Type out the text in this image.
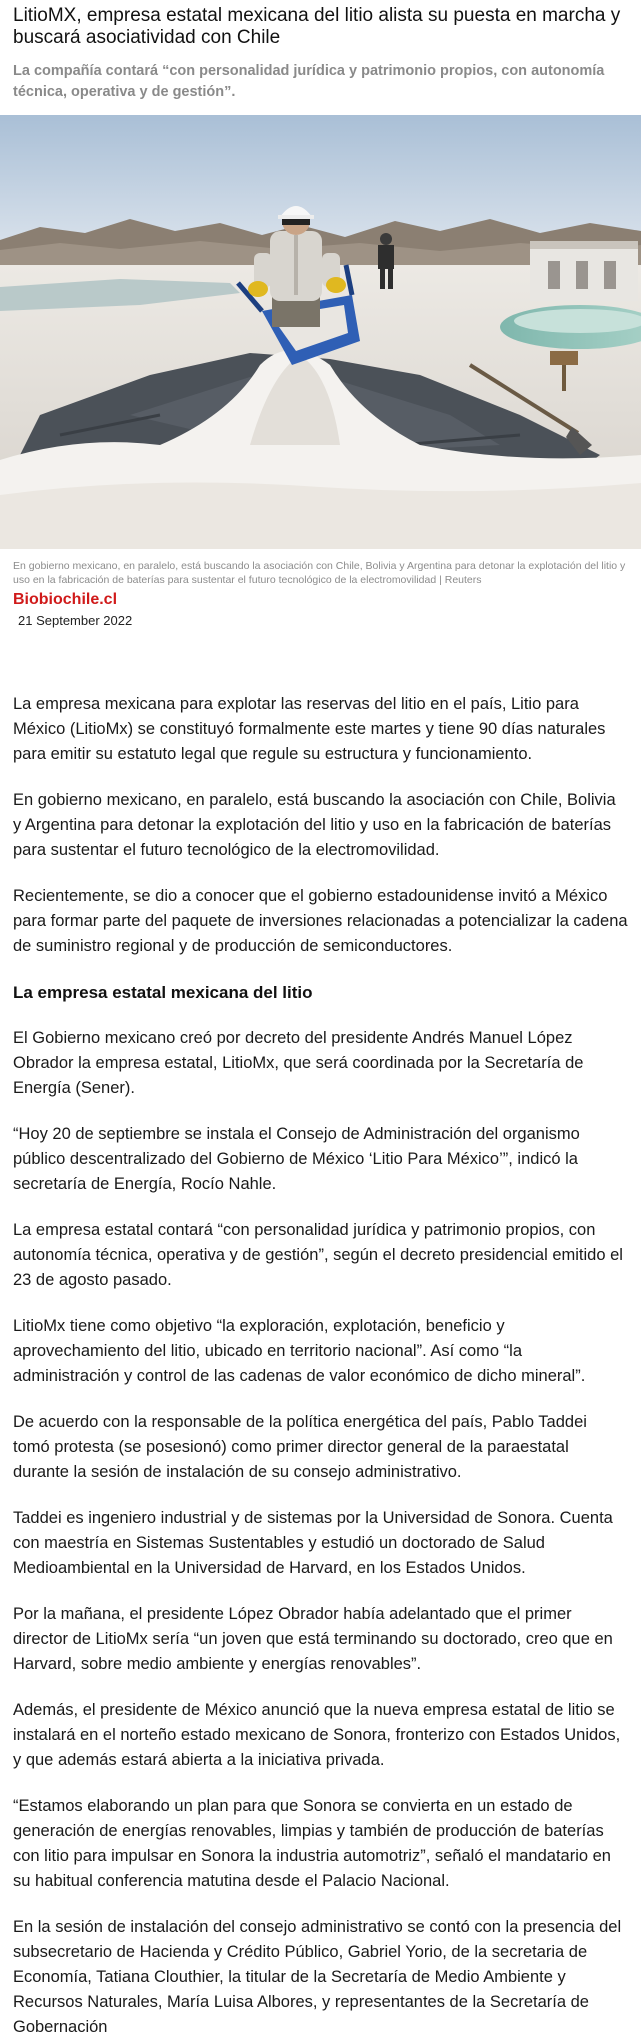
LitioMX, empresa estatal mexicana del litio alista su puesta en marcha y buscará asociatividad con Chile

La compañía contará “con personalidad jurídica y patrimonio propios, con autonomía técnica, operativa y de gestión”.

En gobierno mexicano, en paralelo, está buscando la asociación con Chile, Bolivia y Argentina para detonar la explotación del litio y uso en la fabricación de baterías para sustentar el futuro tecnológico de la electromovilidad | Reuters

Biobiochile.cl

21 September 2022

La empresa mexicana para explotar las reservas del litio en el país, Litio para México (LitioMx) se constituyó formalmente este martes y tiene 90 días naturales para emitir su estatuto legal que regule su estructura y funcionamiento.

En gobierno mexicano, en paralelo, está buscando la asociación con Chile, Bolivia y Argentina para detonar la explotación del litio y uso en la fabricación de baterías para sustentar el futuro tecnológico de la electromovilidad.

Recientemente, se dio a conocer que el gobierno estadounidense invitó a México para formar parte del paquete de inversiones relacionadas a potencializar la cadena de suministro regional y de producción de semiconductores.

La empresa estatal mexicana del litio

El Gobierno mexicano creó por decreto del presidente Andrés Manuel López Obrador la empresa estatal, LitioMx, que será coordinada por la Secretaría de Energía (Sener).

“Hoy 20 de septiembre se instala el Consejo de Administración del organismo público descentralizado del Gobierno de México ‘Litio Para México’”, indicó la secretaría de Energía, Rocío Nahle.

La empresa estatal contará “con personalidad jurídica y patrimonio propios, con autonomía técnica, operativa y de gestión”, según el decreto presidencial emitido el 23 de agosto pasado.

LitioMx tiene como objetivo “la exploración, explotación, beneficio y aprovechamiento del litio, ubicado en territorio nacional”. Así como “la administración y control de las cadenas de valor económico de dicho mineral”.

De acuerdo con la responsable de la política energética del país, Pablo Taddei tomó protesta (se posesionó) como primer director general de la paraestatal durante la sesión de instalación de su consejo administrativo.

Taddei es ingeniero industrial y de sistemas por la Universidad de Sonora. Cuenta con maestría en Sistemas Sustentables y estudió un doctorado de Salud Medioambiental en la Universidad de Harvard, en los Estados Unidos.

Por la mañana, el presidente López Obrador había adelantado que el primer director de LitioMx sería “un joven que está terminando su doctorado, creo que en Harvard, sobre medio ambiente y energías renovables”.

Además, el presidente de México anunció que la nueva empresa estatal de litio se instalará en el norteño estado mexicano de Sonora, fronterizo con Estados Unidos, y que además estará abierta a la iniciativa privada.

“Estamos elaborando un plan para que Sonora se convierta en un estado de generación de energías renovables, limpias y también de producción de baterías con litio para impulsar en Sonora la industria automotriz”, señaló el mandatario en su habitual conferencia matutina desde el Palacio Nacional.

En la sesión de instalación del consejo administrativo se contó con la presencia del subsecretario de Hacienda y Crédito Público, Gabriel Yorio, de la secretaria de Economía, Tatiana Clouthier, la titular de la Secretaría de Medio Ambiente y Recursos Naturales, María Luisa Albores, y representantes de la Secretaría de Gobernación
